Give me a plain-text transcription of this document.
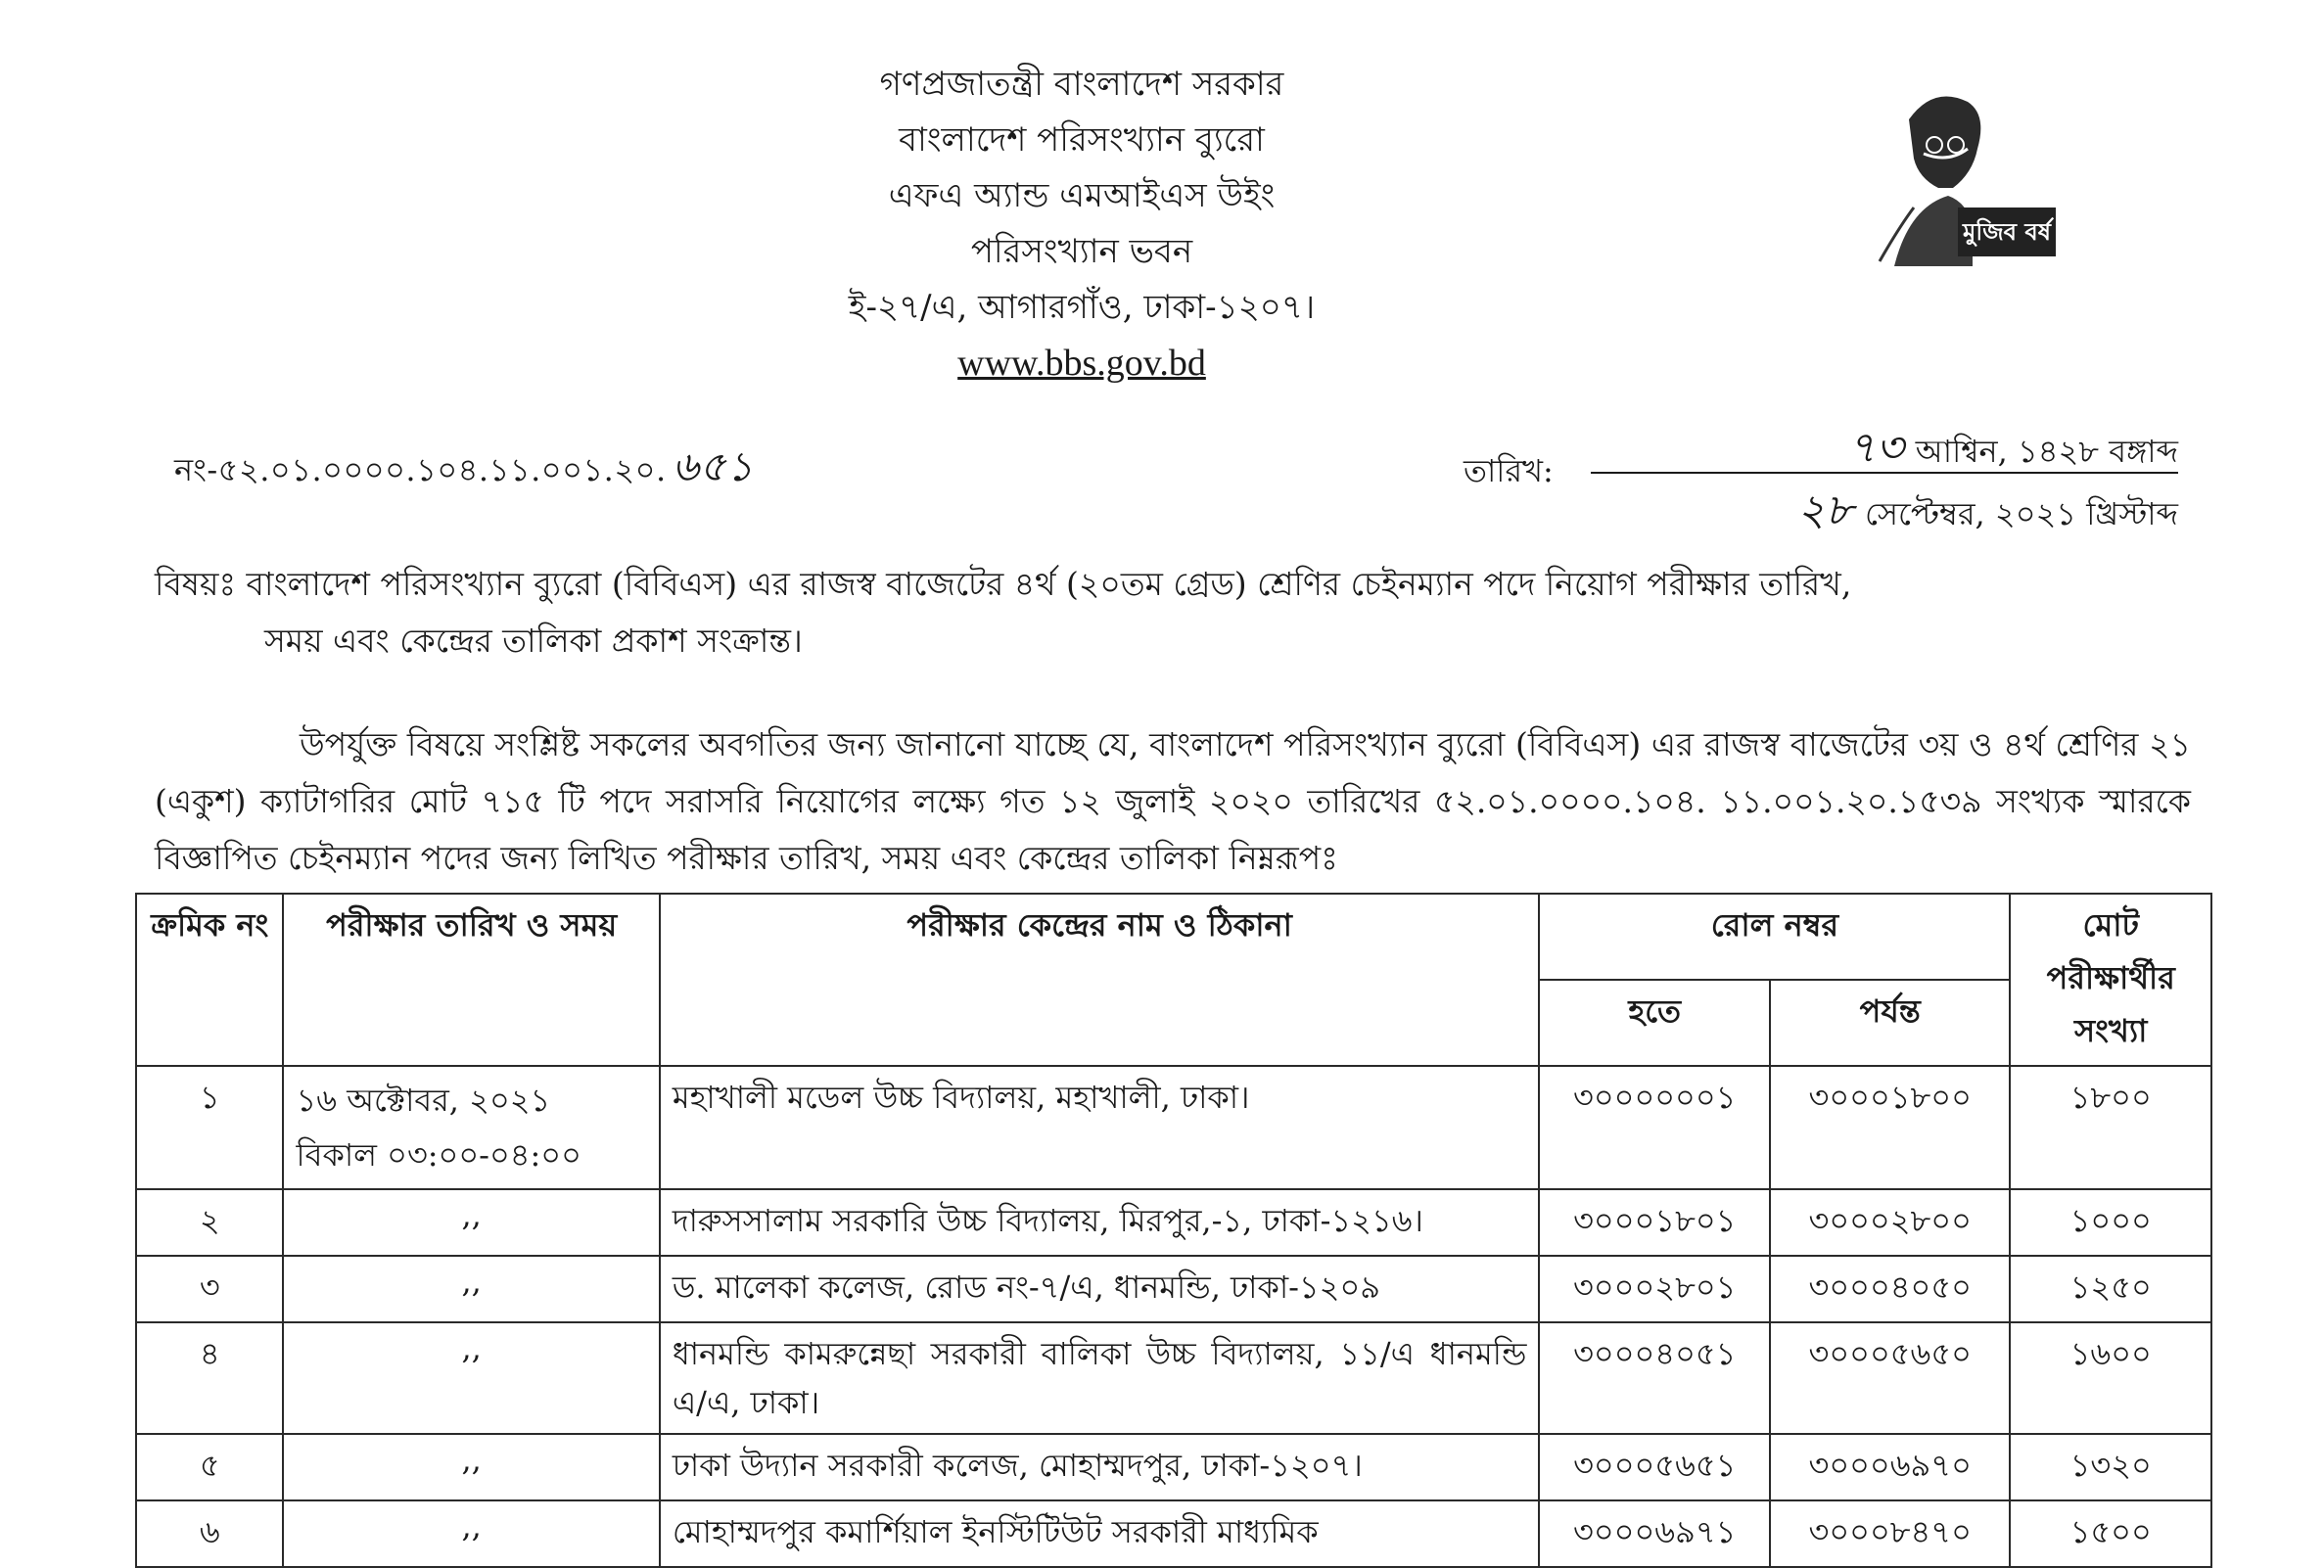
গণপ্রজাতন্ত্রী বাংলাদেশ সরকার
বাংলাদেশ পরিসংখ্যান ব্যুরো
এফএ অ্যান্ড এমআইএস উইং
পরিসংখ্যান ভবন
ই-২৭/এ, আগারগাঁও, ঢাকা-১২০৭।
www.bbs.gov.bd
মুজিব বর্ষ
নং-৫২.০১.০০০০.১০৪.১১.০০১.২০. ৬৫১	তারিখ:	৭৩ আশ্বিন, ১৪২৮ বঙ্গাব্দ
২৮ সেপ্টেম্বর, ২০২১ খ্রিস্টাব্দ
বিষয়ঃ বাংলাদেশ পরিসংখ্যান ব্যুরো (বিবিএস) এর রাজস্ব বাজেটের ৪র্থ (২০তম গ্রেড) শ্রেণির চেইনম্যান পদে নিয়োগ পরীক্ষার তারিখ,
সময় এবং কেন্দ্রের তালিকা প্রকাশ সংক্রান্ত।

উপর্যুক্ত বিষয়ে সংশ্লিষ্ট সকলের অবগতির জন্য জানানো যাচ্ছে যে, বাংলাদেশ পরিসংখ্যান ব্যুরো (বিবিএস) এর রাজস্ব বাজেটের ৩য় ও ৪র্থ শ্রেণির ২১ (একুশ) ক্যাটাগরির মোট ৭১৫ টি পদে সরাসরি নিয়োগের লক্ষ্যে গত ১২ জুলাই ২০২০ তারিখের ৫২.০১.০০০০.১০৪. ১১.০০১.২০.১৫৩৯ সংখ্যক স্মারকে বিজ্ঞাপিত চেইনম্যান পদের জন্য লিখিত পরীক্ষার তারিখ, সময় এবং কেন্দ্রের তালিকা নিম্নরূপঃ

ক্রমিক নং	পরীক্ষার তারিখ ও সময়	পরীক্ষার কেন্দ্রের নাম ও ঠিকানা	রোল নম্বর		মোট পরীক্ষার্থীর সংখ্যা
			হতে	পর্যন্ত	
১	১৬ অক্টোবর, ২০২১
বিকাল ০৩:০০-০৪:০০	মহাখালী মডেল উচ্চ বিদ্যালয়, মহাখালী, ঢাকা।	৩০০০০০০১	৩০০০১৮০০	১৮০০
২	,,	দারুসসালাম সরকারি উচ্চ বিদ্যালয়, মিরপুর,-১, ঢাকা-১২১৬।	৩০০০১৮০১	৩০০০২৮০০	১০০০
৩	,,	ড. মালেকা কলেজ, রোড নং-৭/এ, ধানমন্ডি, ঢাকা-১২০৯	৩০০০২৮০১	৩০০০৪০৫০	১২৫০
৪	,,	ধানমন্ডি কামরুন্নেছা সরকারী বালিকা উচ্চ বিদ্যালয়, ১১/এ ধানমন্ডি এ/এ, ঢাকা।	৩০০০৪০৫১	৩০০০৫৬৫০	১৬০০
৫	,,	ঢাকা উদ্যান সরকারী কলেজ, মোহাম্মদপুর, ঢাকা-১২০৭।	৩০০০৫৬৫১	৩০০০৬৯৭০	১৩২০
৬	,,	মোহাম্মদপুর কমার্শিয়াল ইনস্টিটিউট সরকারী মাধ্যমিক	৩০০০৬৯৭১	৩০০০৮৪৭০	১৫০০
